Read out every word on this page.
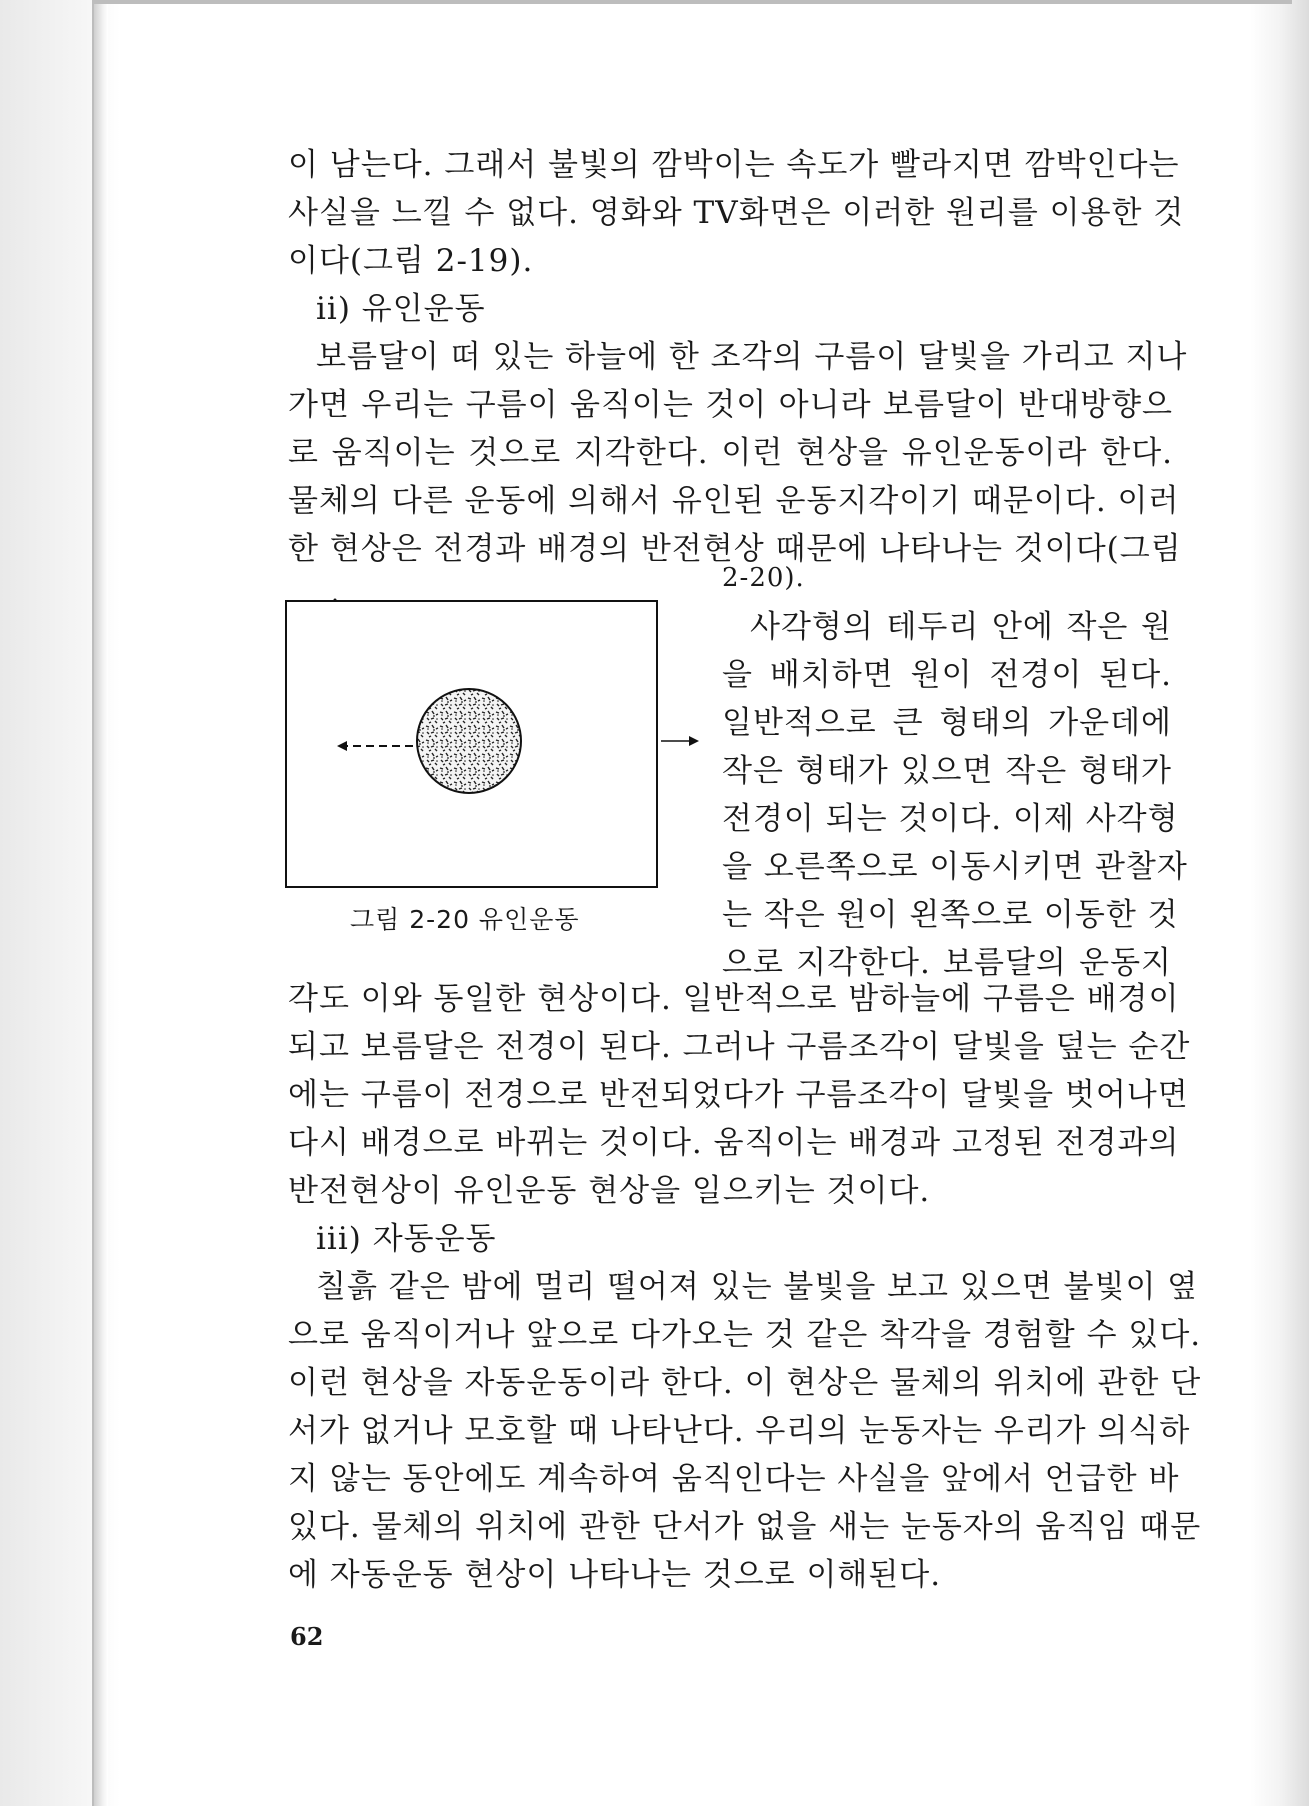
이 남는다. 그래서 불빛의 깜박이는 속도가 빨라지면 깜박인다는
사실을 느낄 수 없다. 영화와 TV화면은 이러한 원리를 이용한 것
이다(그림 2-19).
ii) 유인운동
보름달이 떠 있는 하늘에 한 조각의 구름이 달빛을 가리고 지나
가면 우리는 구름이 움직이는 것이 아니라 보름달이 반대방향으
로 움직이는 것으로 지각한다. 이런 현상을 유인운동이라 한다.
물체의 다른 운동에 의해서 유인된 운동지각이기 때문이다. 이러
한 현상은 전경과 배경의 반전현상 때문에 나타나는 것이다(그림
2-20).
그림 2-20 유인운동
사각형의 테두리 안에 작은 원
을 배치하면 원이 전경이 된다.
일반적으로 큰 형태의 가운데에
작은 형태가 있으면 작은 형태가
전경이 되는 것이다. 이제 사각형
을 오른쪽으로 이동시키면 관찰자
는 작은 원이 왼쪽으로 이동한 것
으로 지각한다. 보름달의 운동지
각도 이와 동일한 현상이다. 일반적으로 밤하늘에 구름은 배경이
되고 보름달은 전경이 된다. 그러나 구름조각이 달빛을 덮는 순간
에는 구름이 전경으로 반전되었다가 구름조각이 달빛을 벗어나면
다시 배경으로 바뀌는 것이다. 움직이는 배경과 고정된 전경과의
반전현상이 유인운동 현상을 일으키는 것이다.
iii) 자동운동
칠흙 같은 밤에 멀리 떨어져 있는 불빛을 보고 있으면 불빛이 옆
으로 움직이거나 앞으로 다가오는 것 같은 착각을 경험할 수 있다.
이런 현상을 자동운동이라 한다. 이 현상은 물체의 위치에 관한 단
서가 없거나 모호할 때 나타난다. 우리의 눈동자는 우리가 의식하
지 않는 동안에도 계속하여 움직인다는 사실을 앞에서 언급한 바
있다. 물체의 위치에 관한 단서가 없을 새는 눈동자의 움직임 때문
에 자동운동 현상이 나타나는 것으로 이해된다.
62
